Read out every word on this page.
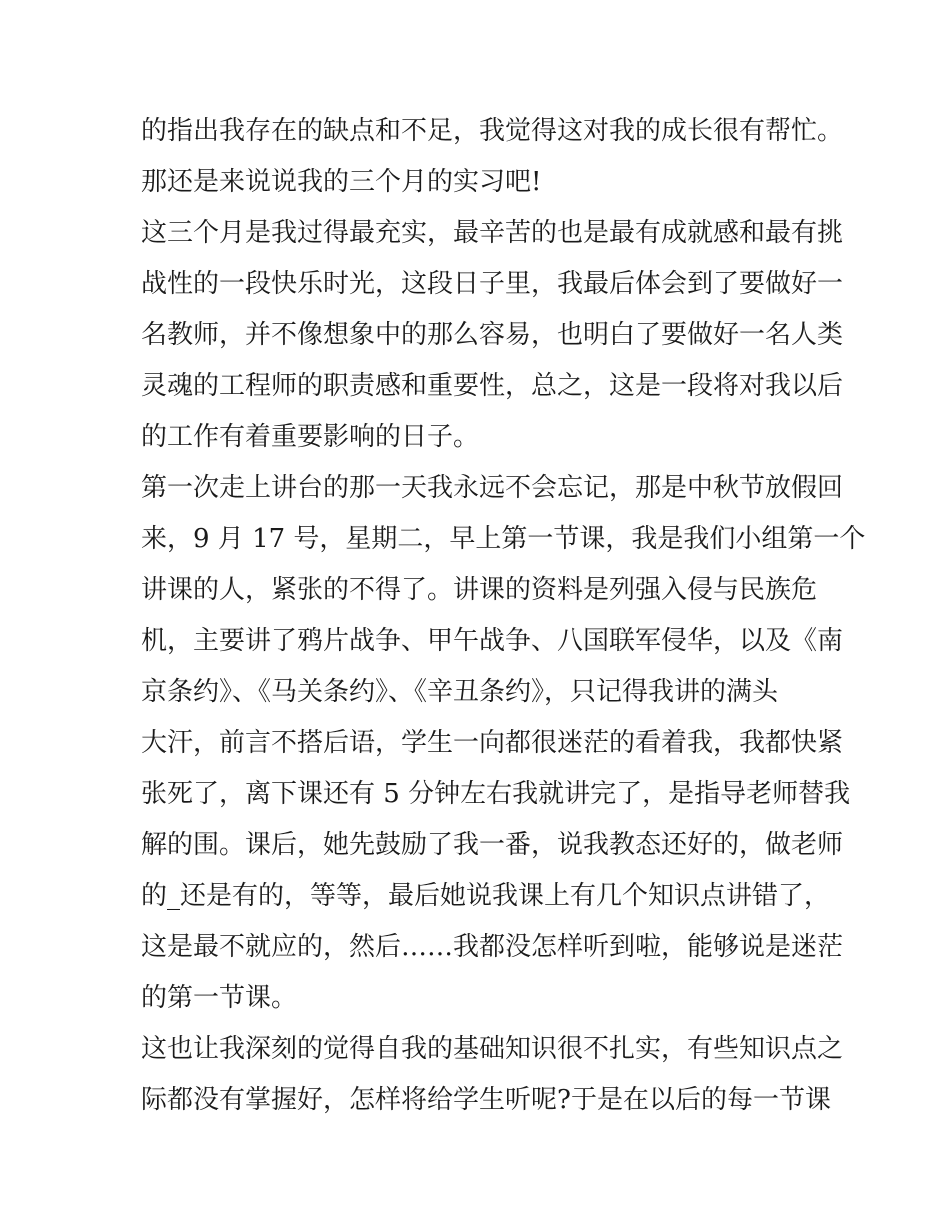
的指出我存在的缺点和不足，我觉得这对我的成长很有帮忙。
那还是来说说我的三个月的实习吧!
这三个月是我过得最充实，最辛苦的也是最有成就感和最有挑
战性的一段快乐时光，这段日子里，我最后体会到了要做好一
名教师，并不像想象中的那么容易，也明白了要做好一名人类
灵魂的工程师的职责感和重要性，总之，这是一段将对我以后
的工作有着重要影响的日子。
第一次走上讲台的那一天我永远不会忘记，那是中秋节放假回
来，9 月 17 号，星期二，早上第一节课，我是我们小组第一个
讲课的人，紧张的不得了。讲课的资料是列强入侵与民族危
机，主要讲了鸦片战争、甲午战争、八国联军侵华，以及《南
京条约》、《马关条约》、《辛丑条约》，只记得我讲的满头
大汗，前言不搭后语，学生一向都很迷茫的看着我，我都快紧
张死了，离下课还有 5 分钟左右我就讲完了，是指导老师替我
解的围。课后，她先鼓励了我一番，说我教态还好的，做老师
的_还是有的，等等，最后她说我课上有几个知识点讲错了，
这是最不就应的，然后……我都没怎样听到啦，能够说是迷茫
的第一节课。
这也让我深刻的觉得自我的基础知识很不扎实，有些知识点之
际都没有掌握好，怎样将给学生听呢?于是在以后的每一节课
